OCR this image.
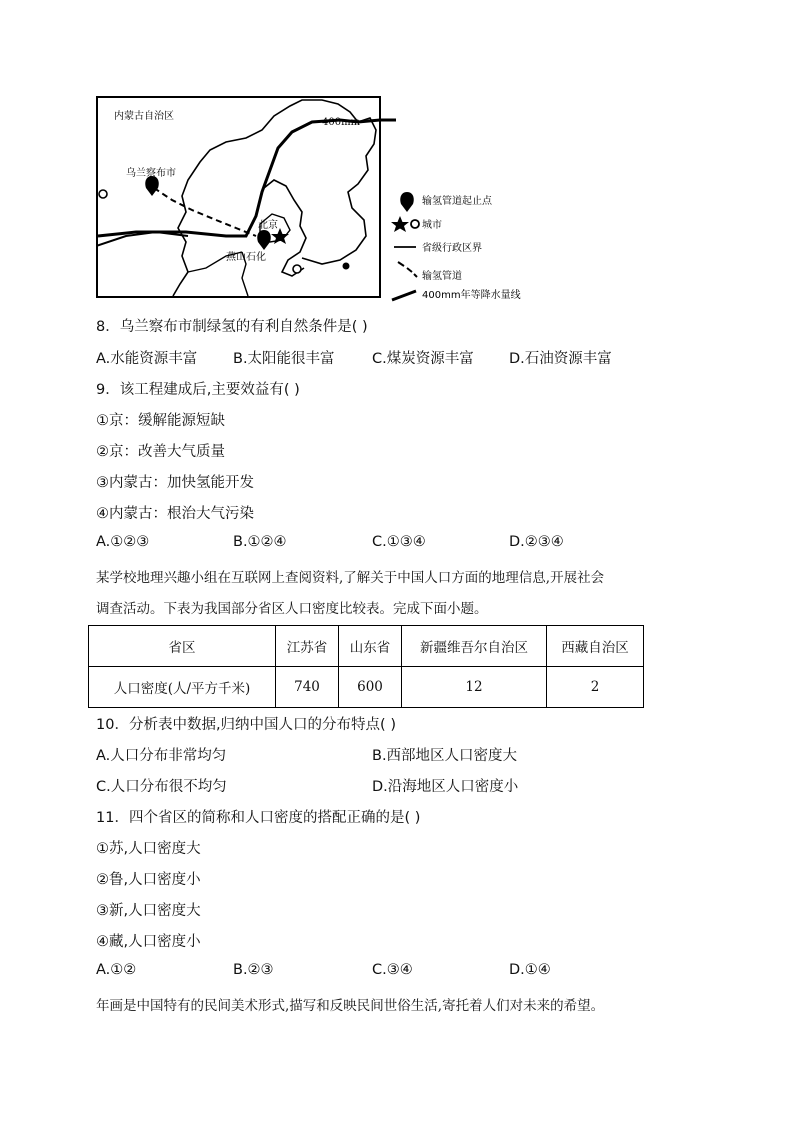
内蒙古自治区
400mm
乌兰察布市
北京
燕山石化
输氢管道起止点
城市
省级行政区界
输氢管道
400mm年等降水量线
8．乌兰察布市制绿氢的有利自然条件是( )
A.水能资源丰富 B.太阳能很丰富	C.煤炭资源丰富 D.石油资源丰富
9．该工程建成后,主要效益有( )
①京：缓解能源短缺
②京：改善大气质量
③内蒙古：加快氢能开发
④内蒙古：根治大气污染
A.①②③	B.①②④	C.①③④	D.②③④
某学校地理兴趣小组在互联网上查阅资料,了解关于中国人口方面的地理信息,开展社会
调查活动。下表为我国部分省区人口密度比较表。完成下面小题。
省区	江苏省	山东省	新疆维吾尔自治区	西藏自治区
人口密度(人/平方千米)	740	600	12	2
10．分析表中数据,归纳中国人口的分布特点( )
A.人口分布非常均匀	B.西部地区人口密度大
C.人口分布很不均匀	D.沿海地区人口密度小
11．四个省区的简称和人口密度的搭配正确的是( )
①苏,人口密度大
②鲁,人口密度小
③新,人口密度大
④藏,人口密度小
A.①②	B.②③	C.③④	D.①④
年画是中国特有的民间美术形式,描写和反映民间世俗生活,寄托着人们对未来的希望。
